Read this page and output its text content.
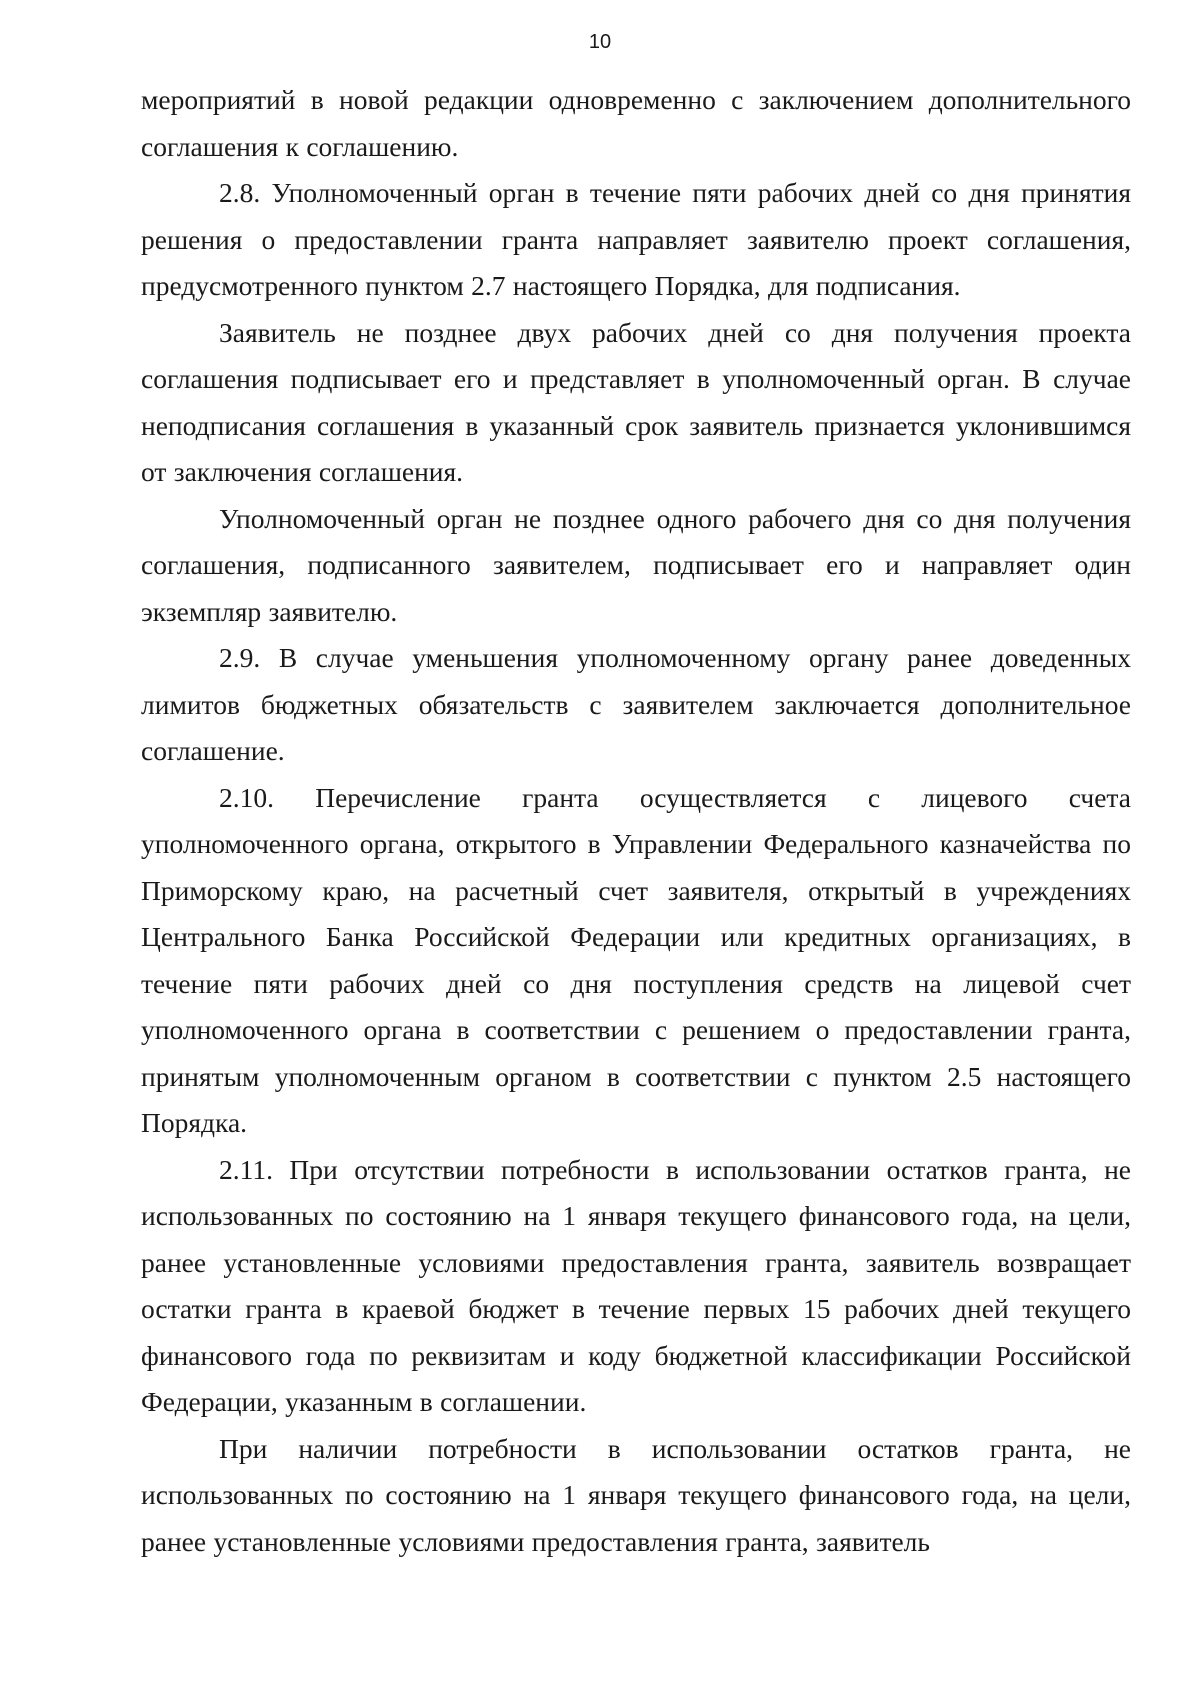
10

мероприятий в новой редакции одновременно с заключением дополнительного соглашения к соглашению.

2.8. Уполномоченный орган в течение пяти рабочих дней со дня принятия решения о предоставлении гранта направляет заявителю проект соглашения, предусмотренного пунктом 2.7 настоящего Порядка, для подписания.

Заявитель не позднее двух рабочих дней со дня получения проекта соглашения подписывает его и представляет в уполномоченный орган. В случае неподписания соглашения в указанный срок заявитель признается уклонившимся от заключения соглашения.

Уполномоченный орган не позднее одного рабочего дня со дня получения соглашения, подписанного заявителем, подписывает его и направляет один экземпляр заявителю.

2.9. В случае уменьшения уполномоченному органу ранее доведенных лимитов бюджетных обязательств с заявителем заключается дополнительное соглашение.

2.10. Перечисление гранта осуществляется с лицевого счета уполномоченного органа, открытого в Управлении Федерального казначейства по Приморскому краю, на расчетный счет заявителя, открытый в учреждениях Центрального Банка Российской Федерации или кредитных организациях, в течение пяти рабочих дней со дня поступления средств на лицевой счет уполномоченного органа в соответствии с решением о предоставлении гранта, принятым уполномоченным органом в соответствии с пунктом 2.5 настоящего Порядка.

2.11. При отсутствии потребности в использовании остатков гранта, не использованных по состоянию на 1 января текущего финансового года, на цели, ранее установленные условиями предоставления гранта, заявитель возвращает остатки гранта в краевой бюджет в течение первых 15 рабочих дней текущего финансового года по реквизитам и коду бюджетной классификации Российской Федерации, указанным в соглашении.

При наличии потребности в использовании остатков гранта, не использованных по состоянию на 1 января текущего финансового года, на цели, ранее установленные условиями предоставления гранта, заявитель
